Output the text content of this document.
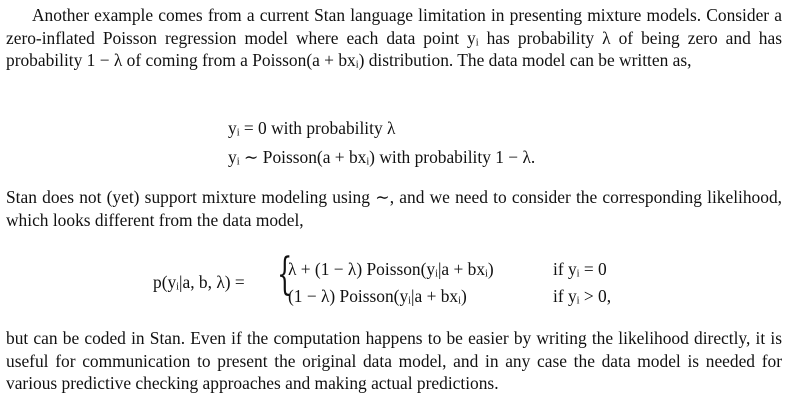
Another example comes from a current Stan language limitation in presenting mixture models. Consider a zero-inflated Poisson regression model where each data point yᵢ has probability λ of being zero and has probability 1 − λ of coming from a Poisson(a + bxᵢ) distribution. The data model can be written as,

yᵢ = 0 with probability λ
yᵢ ∼ Poisson(a + bxᵢ) with probability 1 − λ.

Stan does not (yet) support mixture modeling using ∼, and we need to consider the corresponding likelihood, which looks different from the data model,

p(yᵢ|a, b, λ) = {
λ + (1 − λ) Poisson(yᵢ|a + bxᵢ)	if yᵢ = 0
(1 − λ) Poisson(yᵢ|a + bxᵢ)	if yᵢ > 0,

but can be coded in Stan. Even if the computation happens to be easier by writing the likelihood directly, it is useful for communication to present the original data model, and in any case the data model is needed for various predictive checking approaches and making actual predictions.
